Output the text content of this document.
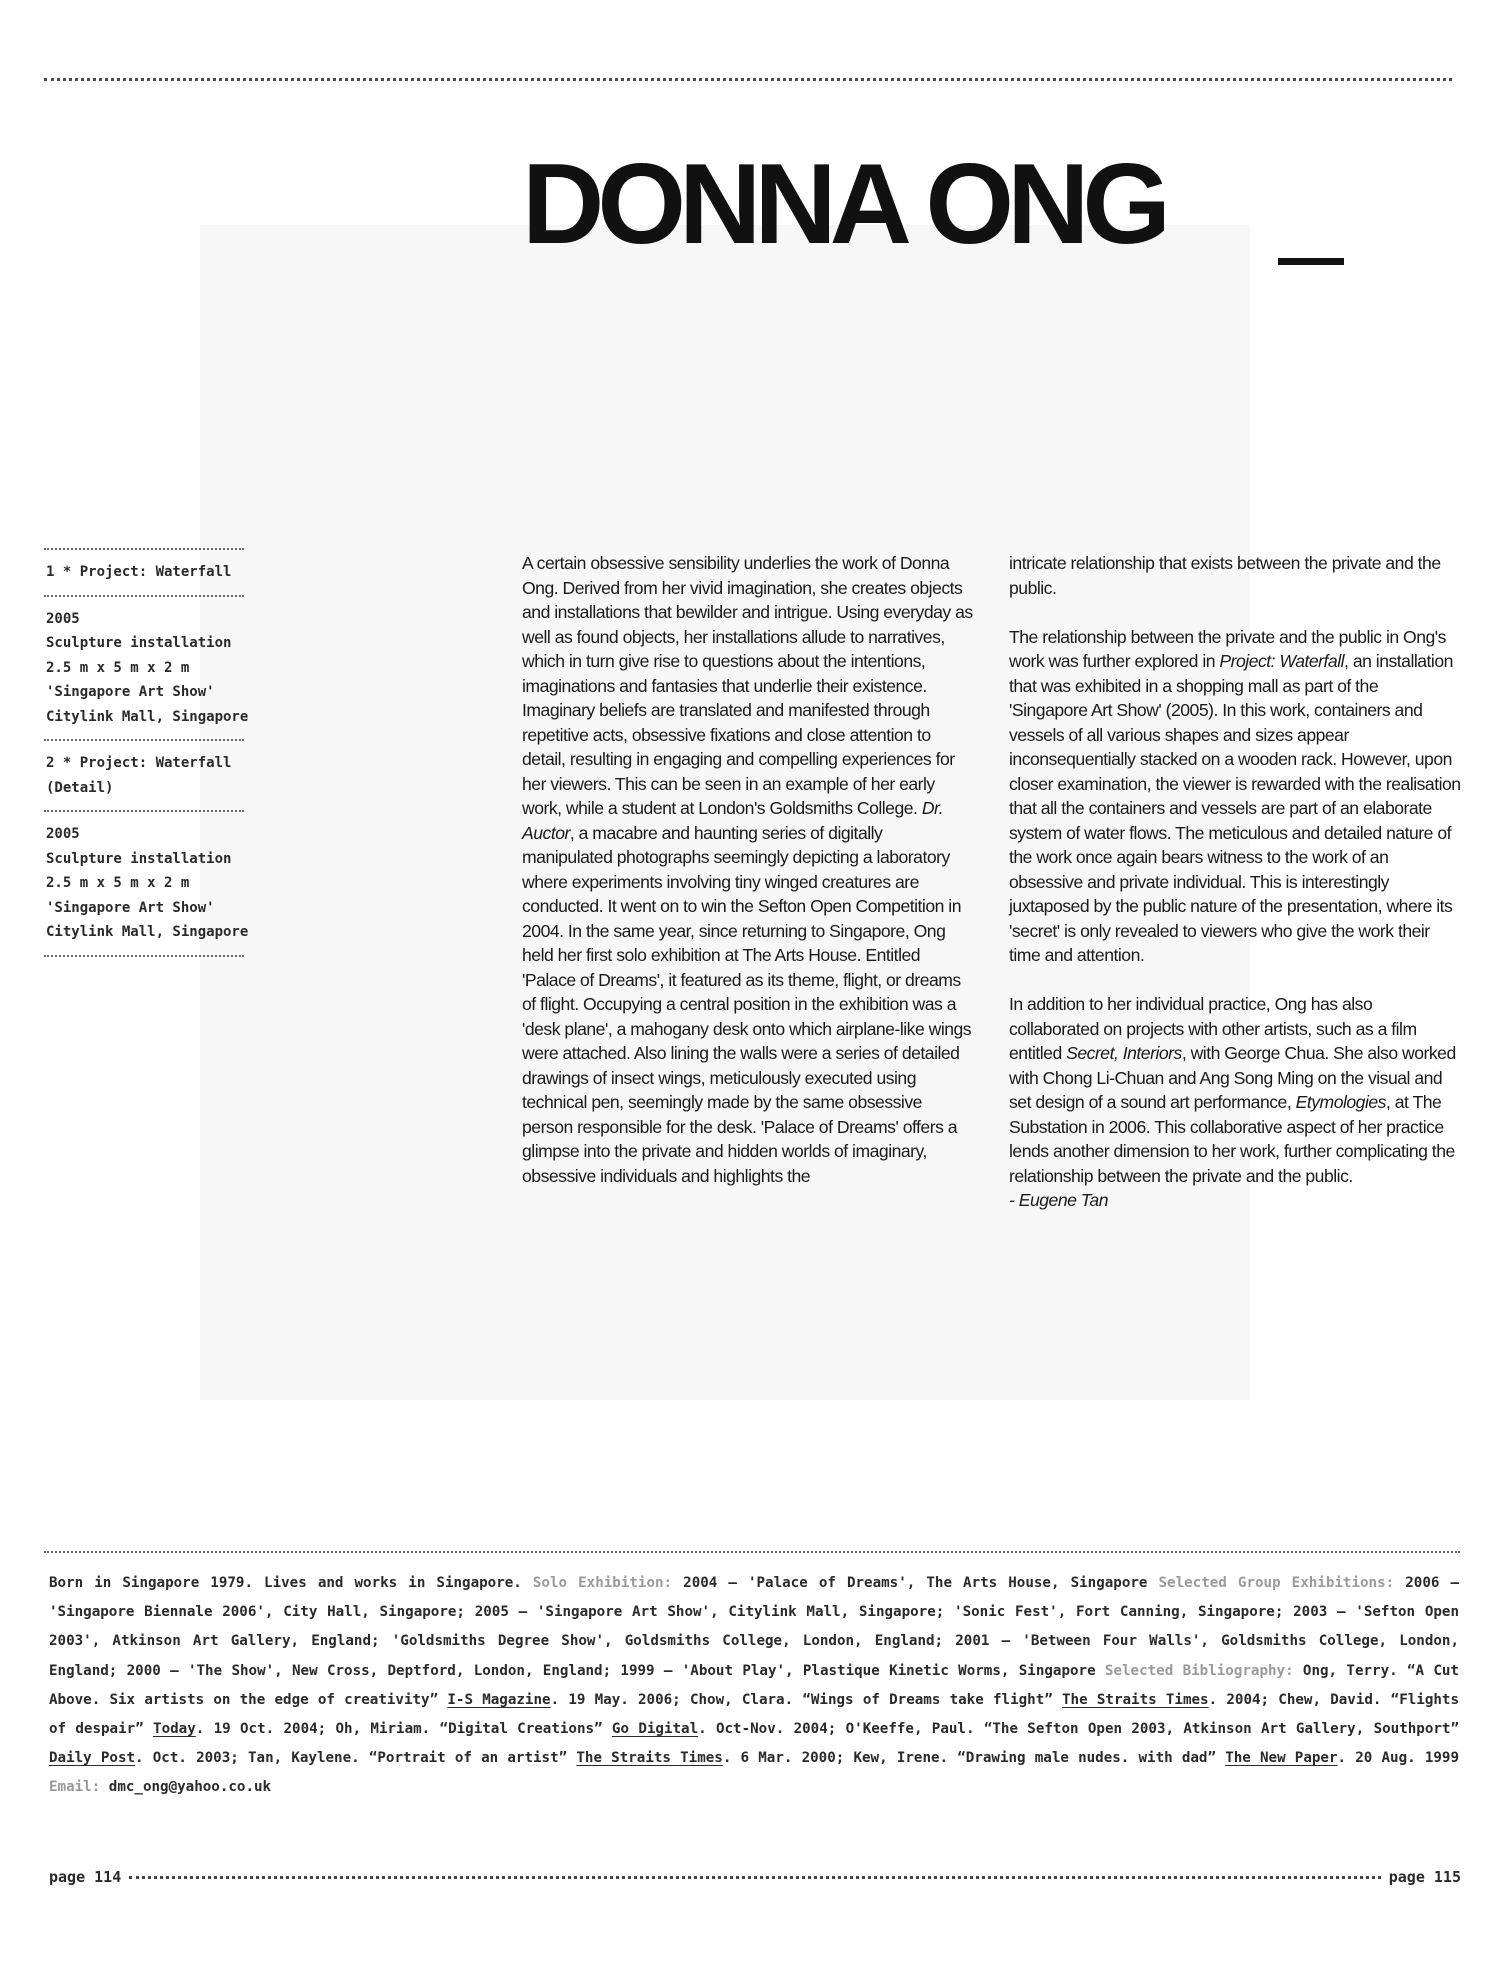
DONNA ONG
1 * Project: Waterfall
2005
Sculpture installation
2.5 m x 5 m x 2 m
'Singapore Art Show'
Citylink Mall, Singapore
2 * Project: Waterfall
(Detail)
2005
Sculpture installation
2.5 m x 5 m x 2 m
'Singapore Art Show'
Citylink Mall, Singapore

A certain obsessive sensibility underlies the work of Donna Ong. Derived from her vivid imagination, she creates objects and installations that bewilder and intrigue. Using everyday as well as found objects, her installations allude to narratives, which in turn give rise to questions about the intentions, imaginations and fantasies that underlie their existence. Imaginary beliefs are translated and manifested through repetitive acts, obsessive fixations and close attention to detail, resulting in engaging and compelling experiences for her viewers. This can be seen in an example of her early work, while a student at London's Goldsmiths College. Dr. Auctor, a macabre and haunting series of digitally manipulated photographs seemingly depicting a laboratory where experiments involving tiny winged creatures are conducted. It went on to win the Sefton Open Competition in 2004. In the same year, since returning to Singapore, Ong held her first solo exhibition at The Arts House. Entitled 'Palace of Dreams', it featured as its theme, flight, or dreams of flight. Occupying a central position in the exhibition was a 'desk plane', a mahogany desk onto which airplane-like wings were attached. Also lining the walls were a series of detailed drawings of insect wings, meticulously executed using technical pen, seemingly made by the same obsessive person responsible for the desk. 'Palace of Dreams' offers a glimpse into the private and hidden worlds of imaginary, obsessive individuals and highlights the

intricate relationship that exists between the private and the public.

The relationship between the private and the public in Ong's work was further explored in Project: Waterfall, an installation that was exhibited in a shopping mall as part of the 'Singapore Art Show' (2005). In this work, containers and vessels of all various shapes and sizes appear inconsequentially stacked on a wooden rack. However, upon closer examination, the viewer is rewarded with the realisation that all the containers and vessels are part of an elaborate system of water flows. The meticulous and detailed nature of the work once again bears witness to the work of an obsessive and private individual. This is interestingly juxtaposed by the public nature of the presentation, where its 'secret' is only revealed to viewers who give the work their time and attention.

In addition to her individual practice, Ong has also collaborated on projects with other artists, such as a film entitled Secret, Interiors, with George Chua. She also worked with Chong Li-Chuan and Ang Song Ming on the visual and set design of a sound art performance, Etymologies, at The Substation in 2006. This collaborative aspect of her practice lends another dimension to her work, further complicating the relationship between the private and the public.
- Eugene Tan

Born in Singapore 1979. Lives and works in Singapore. Solo Exhibition: 2004 — 'Palace of Dreams', The Arts House, Singapore Selected Group Exhibitions: 2006 — 'Singapore Biennale 2006', City Hall, Singapore; 2005 — 'Singapore Art Show', Citylink Mall, Singapore; 'Sonic Fest', Fort Canning, Singapore; 2003 — 'Sefton Open 2003', Atkinson Art Gallery, England; 'Goldsmiths Degree Show', Goldsmiths College, London, England; 2001 — 'Between Four Walls', Goldsmiths College, London, England; 2000 — 'The Show', New Cross, Deptford, London, England; 1999 — 'About Play', Plastique Kinetic Worms, Singapore Selected Bibliography: Ong, Terry. “A Cut Above. Six artists on the edge of creativity” I-S Magazine. 19 May. 2006; Chow, Clara. “Wings of Dreams take flight” The Straits Times. 2004; Chew, David. “Flights of despair” Today. 19 Oct. 2004; Oh, Miriam. “Digital Creations” Go Digital. Oct-Nov. 2004; O'Keeffe, Paul. “The Sefton Open 2003, Atkinson Art Gallery, Southport” Daily Post. Oct. 2003; Tan, Kaylene. “Portrait of an artist” The Straits Times. 6 Mar. 2000; Kew, Irene. “Drawing male nudes. with dad” The New Paper. 20 Aug. 1999 Email: dmc_ong@yahoo.co.uk

page 114	page 115
